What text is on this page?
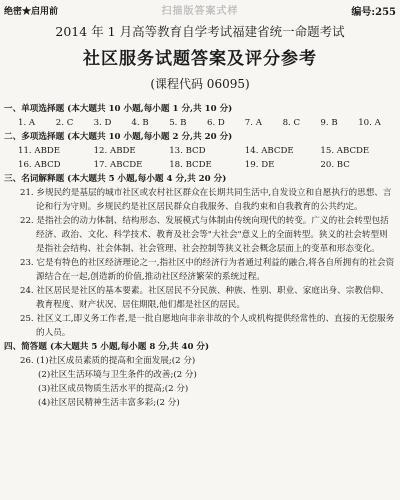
绝密★启用前	扫描版答案式样	编号:255
2014 年 1 月高等教育自学考试福建省统一命题考试
社区服务试题答案及评分参考
(课程代码 06095)
一、单项选择题 (本大题共 10 小题,每小题 1 分,共 10 分)
1. A	2. C	3. D	4. B	5. B	6. D	7. A	8. C	9. B	10. A
二、多项选择题 (本大题共 10 小题,每小题 2 分,共 20 分)
11. ABDE	12. ABDE	13. BCD	14. ABCDE	15. ABCDE
16. ABCD	17. ABCDE	18. BCDE	19. DE	20. BC
三、名词解释题 (本大题共 5 小题,每小题 4 分,共 20 分)
21. 乡规民约是基层的城市社区或农村社区群众在长期共同生活中,自发设立和自愿执行的思想、言论和行为守则。乡规民约是社区居民群众自我服务、自我约束和自我教育的公共约定。
22. 是指社会的动力体制、结构形态、发展模式与体制由传统向现代的转变。广义的社会转型包括经济、政治、文化、科学技术、教育及社会等"大社会"意义上的全面转型。狭义的社会转型则是指社会结构、社会体制、社会管理、社会控制等狭义社会概念层面上的变革和形态变化。
23. 它是有特色的社区经济理论之一,指社区中的经济行为者通过利益的融合,将各自所拥有的社会资源结合在一起,创造新的价值,推动社区经济繁荣的系统过程。
24. 社区居民是社区的基本要素。社区居民不分民族、种族、性别、职业、家庭出身、宗教信仰、教育程度、财产状况、居住期限,他们都是社区的居民。
25. 社区义工,即义务工作者,是一批自愿地向非亲非故的个人或机构提供经常性的、直接的无偿服务的人员。
四、简答题 (本大题共 5 小题,每小题 8 分,共 40 分)
26. (1)社区成员素质的提高和全面发展;(2 分)
(2)社区生活环境与卫生条件的改善;(2 分)
(3)社区成员物质生活水平的提高;(2 分)
(4)社区居民精神生活丰富多彩;(2 分)
